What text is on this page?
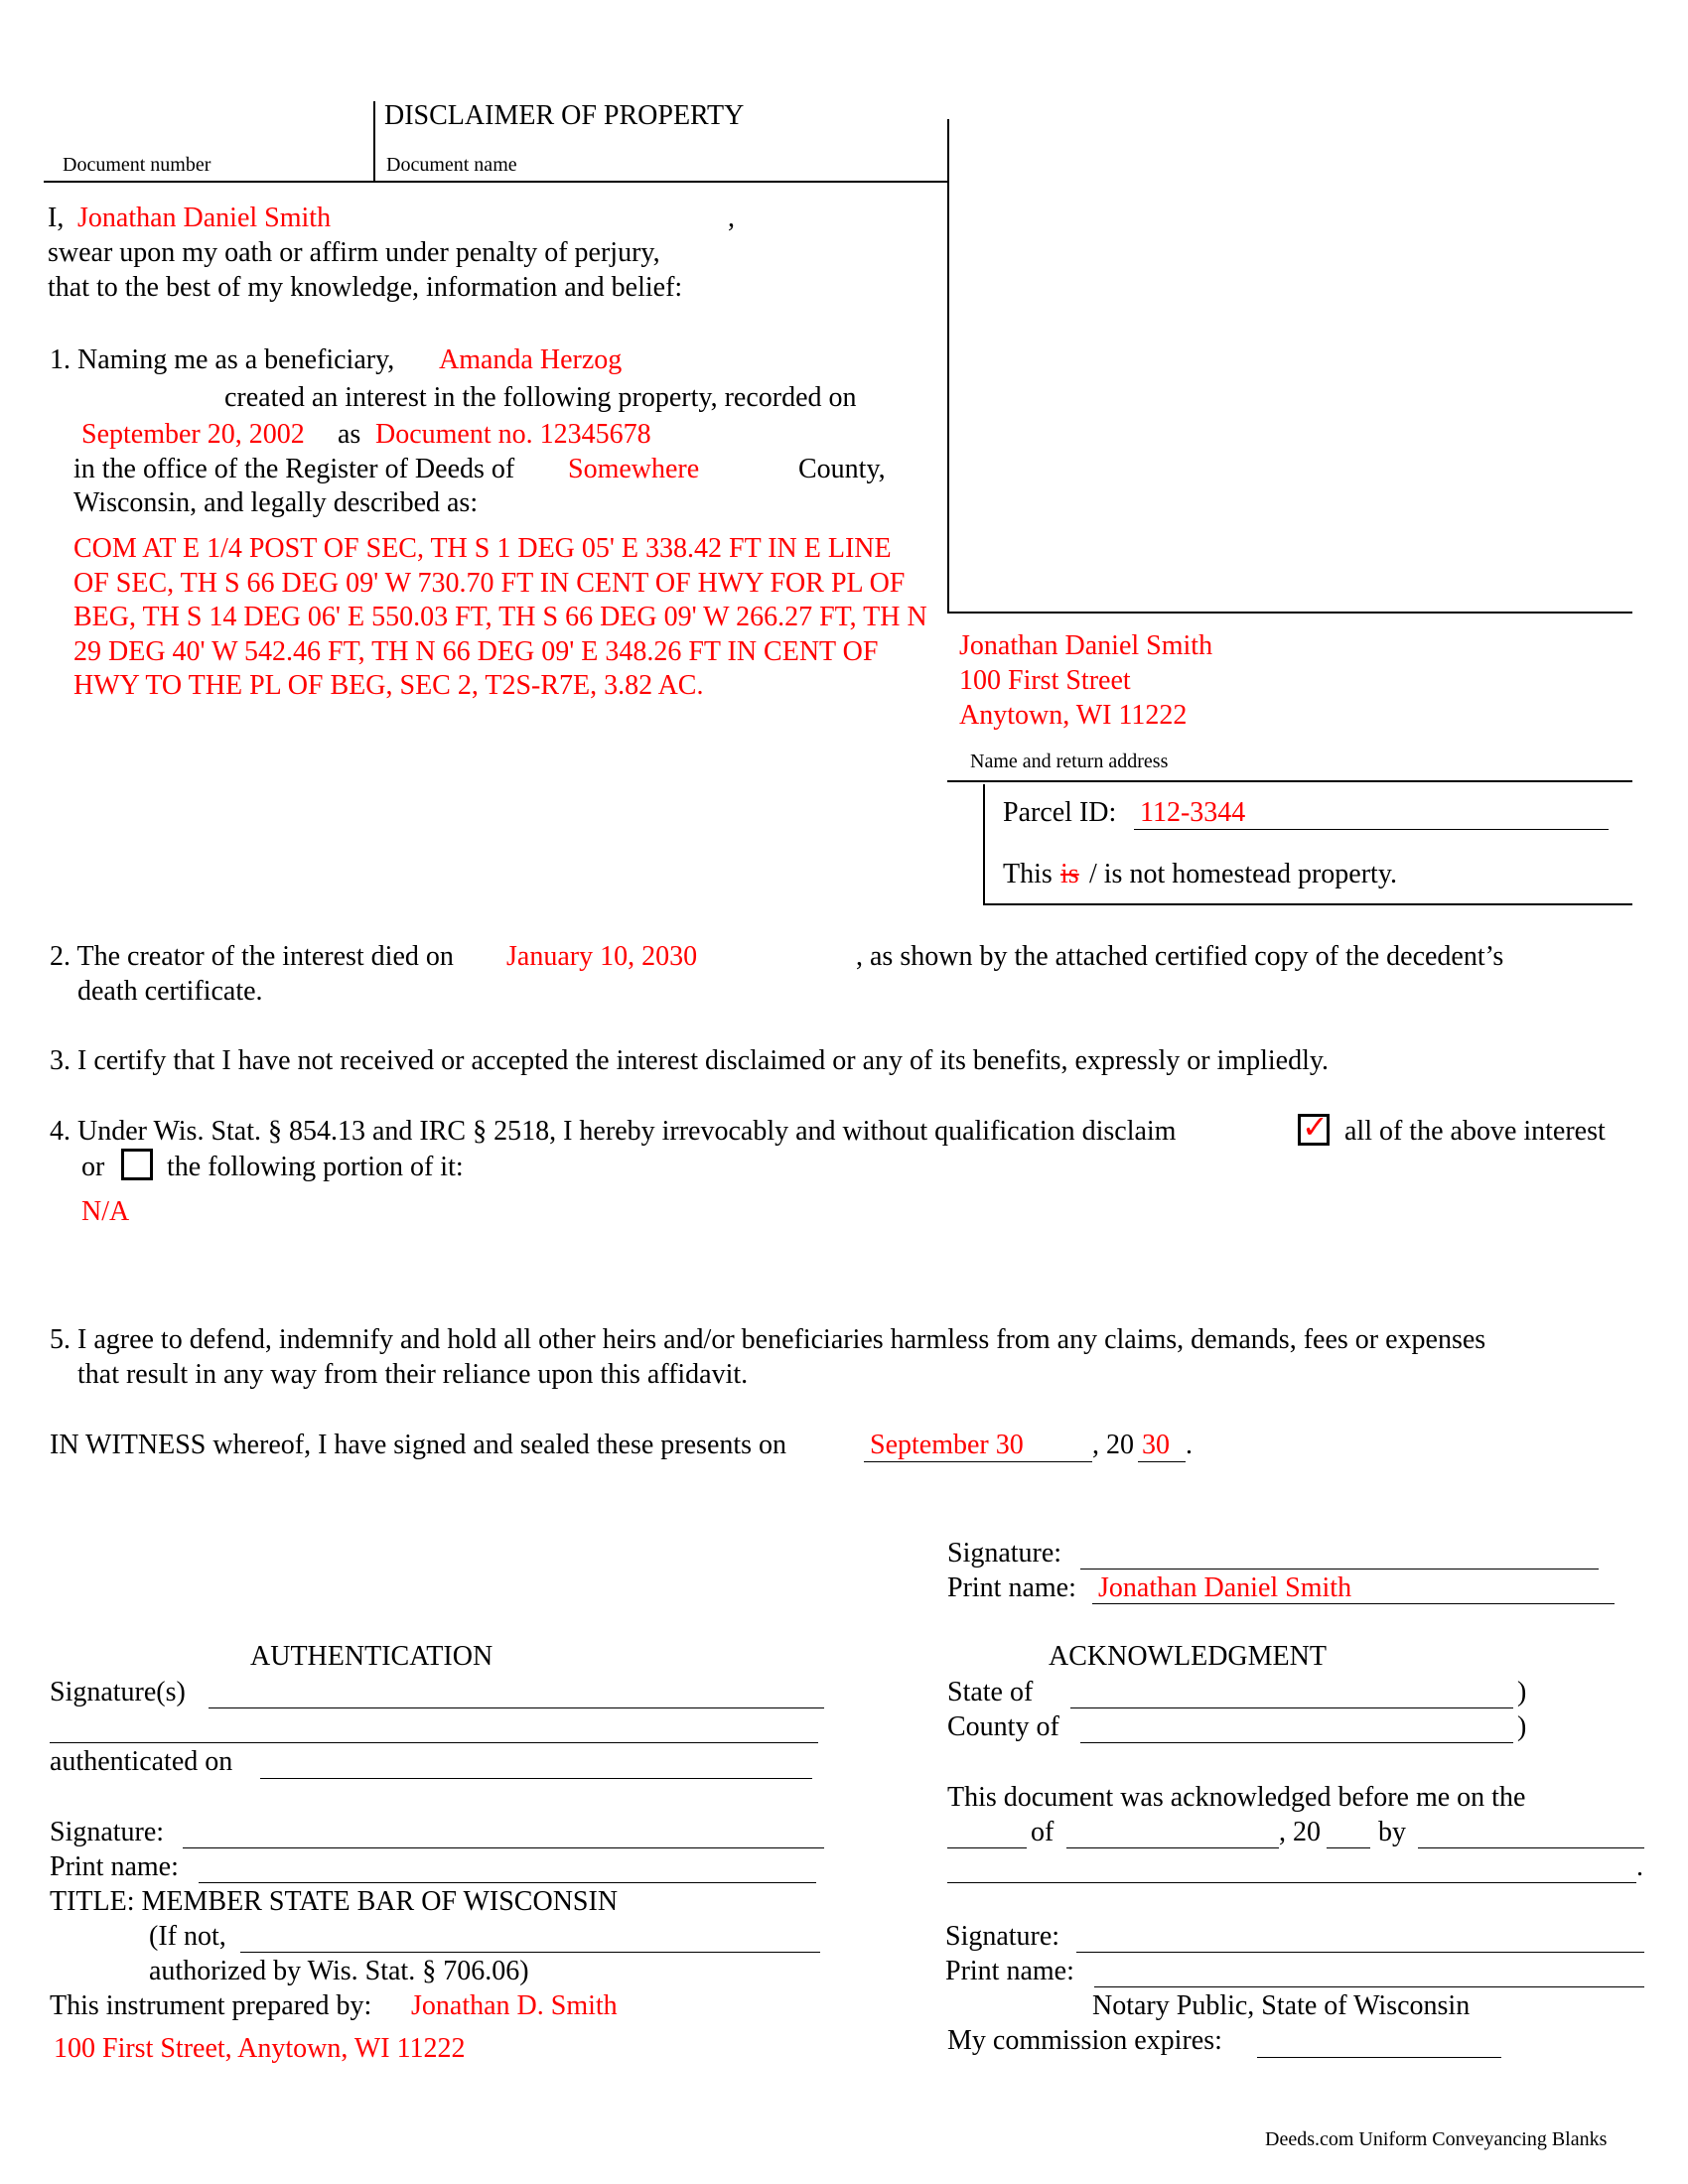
DISCLAIMER OF PROPERTY
Document number	Document name
I, Jonathan Daniel Smith	,
swear upon my oath or affirm under penalty of perjury,
that to the best of my knowledge, information and belief:
1. Naming me as a beneficiary, Amanda Herzog
created an interest in the following property, recorded on
September 20, 2002 as Document no. 12345678
in the office of the Register of Deeds of Somewhere	County,
Wisconsin, and legally described as:
COM AT E 1/4 POST OF SEC, TH S 1 DEG 05' E 338.42 FT IN E LINE OF SEC, TH S 66 DEG 09' W 730.70 FT IN CENT OF HWY FOR PL OF BEG, TH S 14 DEG 06' E 550.03 FT, TH S 66 DEG 09' W 266.27 FT, TH N 29 DEG 40' W 542.46 FT, TH N 66 DEG 09' E 348.26 FT IN CENT OF HWY TO THE PL OF BEG, SEC 2, T2S-R7E, 3.82 AC.
Jonathan Daniel Smith
100 First Street
Anytown, WI 11222
Name and return address
Parcel ID: 112-3344
This is / is not homestead property.
2. The creator of the interest died on January 10, 2030	, as shown by the attached certified copy of the decedent’s
death certificate.
3. I certify that I have not received or accepted the interest disclaimed or any of its benefits, expressly or impliedly.
4. Under Wis. Stat. § 854.13 and IRC § 2518, I hereby irrevocably and without qualification disclaim	✓ all of the above interest
or the following portion of it:
N/A
5. I agree to defend, indemnify and hold all other heirs and/or beneficiaries harmless from any claims, demands, fees or expenses
that result in any way from their reliance upon this affidavit.
IN WITNESS whereof, I have signed and sealed these presents on	September 30 , 20 30 .
Signature:
Print name: Jonathan Daniel Smith
AUTHENTICATION
Signature(s)
authenticated on
Signature:
Print name:
TITLE: MEMBER STATE BAR OF WISCONSIN
(If not,
authorized by Wis. Stat. § 706.06)
This instrument prepared by: Jonathan D. Smith
100 First Street, Anytown, WI 11222
ACKNOWLEDGMENT
State of	)
County of	)
This document was acknowledged before me on the
of	, 20 by
.
Signature:
Print name:
Notary Public, State of Wisconsin
My commission expires:
Deeds.com Uniform Conveyancing Blanks
